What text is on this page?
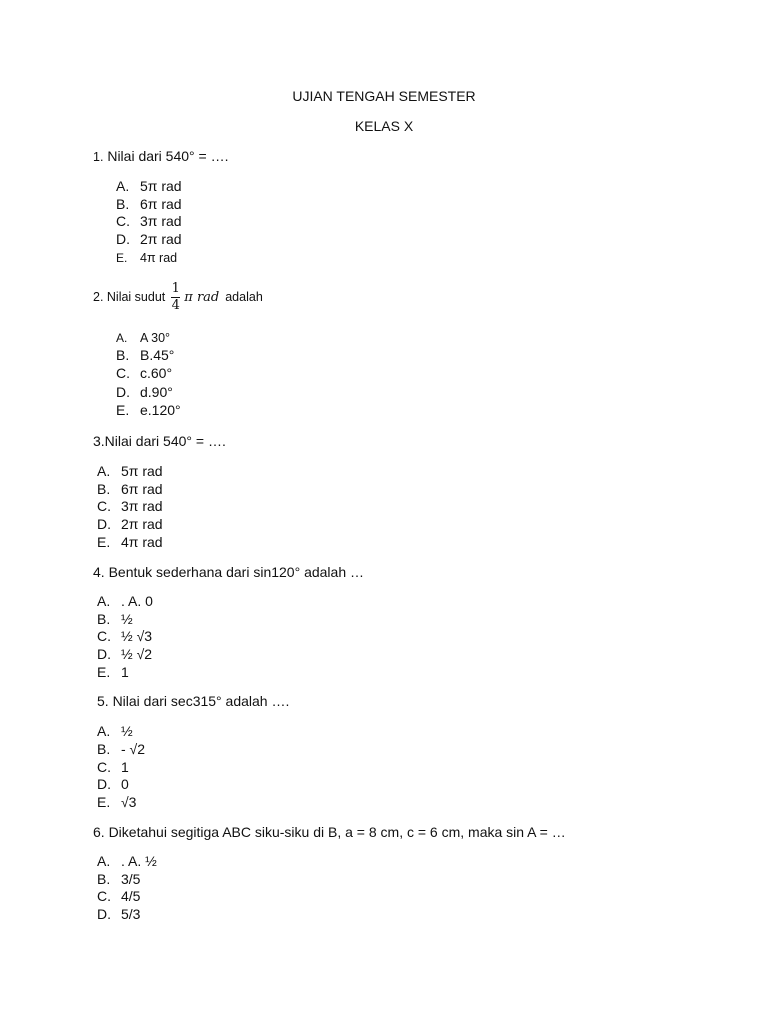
UJIAN TENGAH SEMESTER
KELAS X
1. Nilai dari 540° = ….
A. 5π rad
B. 6π rad
C. 3π rad
D. 2π rad
E. 4π rad
2. Nilai sudut $\frac{1}{4}$ π rad adalah
A. A 30°
B. B.45°
C. c.60°
D. d.90°
E. e.120°
3.Nilai dari 540° = ….
A. 5π rad
B. 6π rad
C. 3π rad
D. 2π rad
E. 4π rad
4. Bentuk sederhana dari sin120° adalah …
A. . A. 0
B. ½
C. ½ √3
D. ½ √2
E. 1
5. Nilai dari sec315° adalah ….
A. ½
B. - √2
C. 1
D. 0
E. √3
6. Diketahui segitiga ABC siku-siku di B, a = 8 cm, c = 6 cm, maka sin A = …
A. . A. ½
B. 3/5
C. 4/5
D. 5/3
